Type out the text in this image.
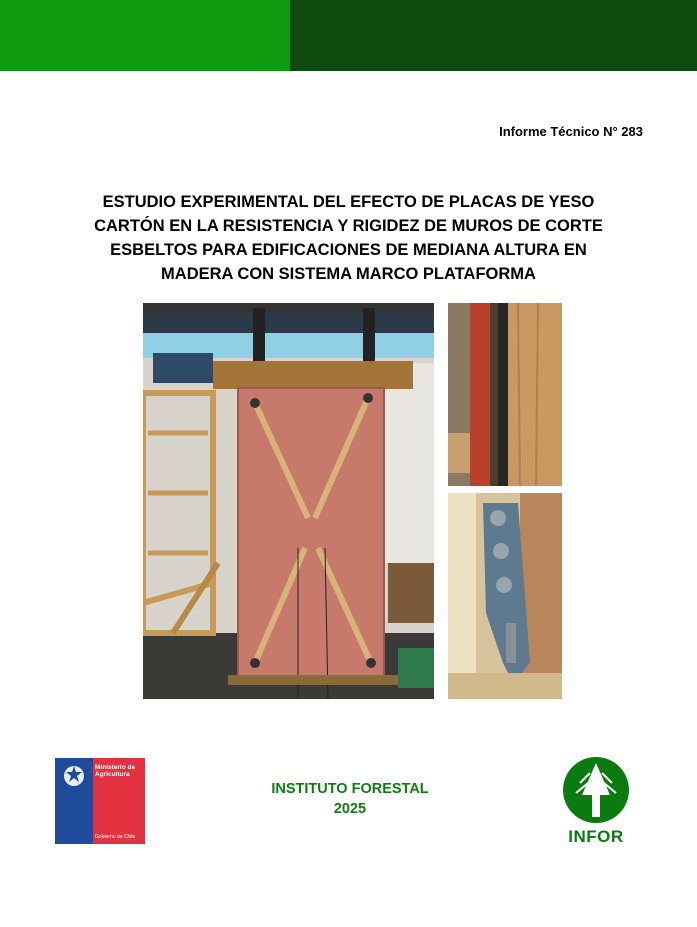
Informe Técnico N° 283
ESTUDIO EXPERIMENTAL DEL EFECTO DE PLACAS DE YESO
CARTÓN EN LA RESISTENCIA Y RIGIDEZ DE MUROS DE CORTE
ESBELTOS PARA EDIFICACIONES DE MEDIANA ALTURA EN
MADERA CON SISTEMA MARCO PLATAFORMA
Ministerio de
Agricultura
Gobierno de Chile
INSTITUTO FORESTAL
2025
INFOR
